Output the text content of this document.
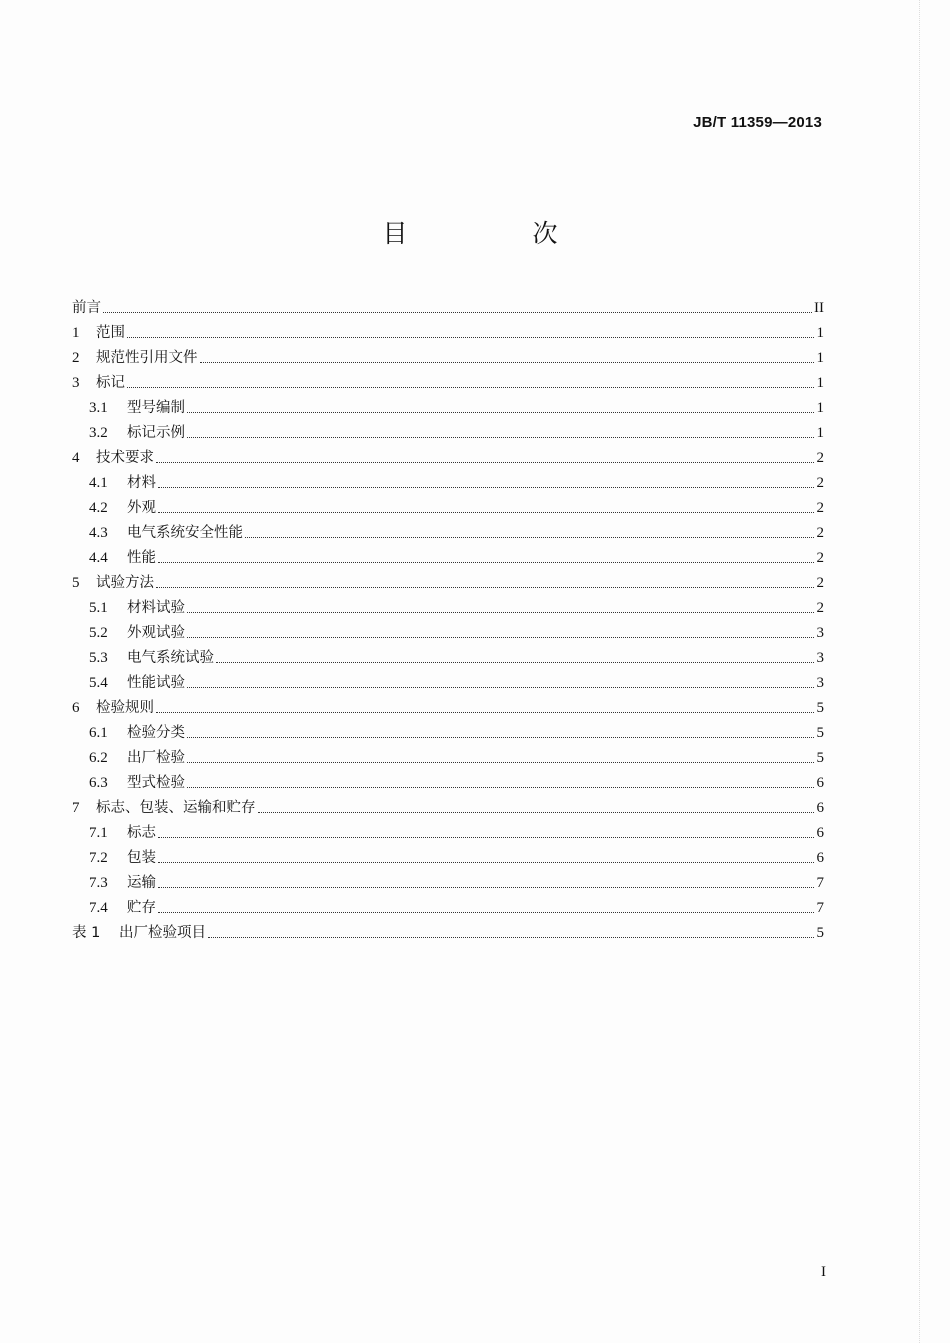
JB/T 11359—2013
目　次
前言	II
1	范围	1
2	规范性引用文件	1
3	标记	1
3.1	型号编制	1
3.2	标记示例	1
4	技术要求	2
4.1	材料	2
4.2	外观	2
4.3	电气系统安全性能	2
4.4	性能	2
5	试验方法	2
5.1	材料试验	2
5.2	外观试验	3
5.3	电气系统试验	3
5.4	性能试验	3
6	检验规则	5
6.1	检验分类	5
6.2	出厂检验	5
6.3	型式检验	6
7	标志、包装、运输和贮存	6
7.1	标志	6
7.2	包装	6
7.3	运输	7
7.4	贮存	7
表 1	出厂检验项目	5
I
